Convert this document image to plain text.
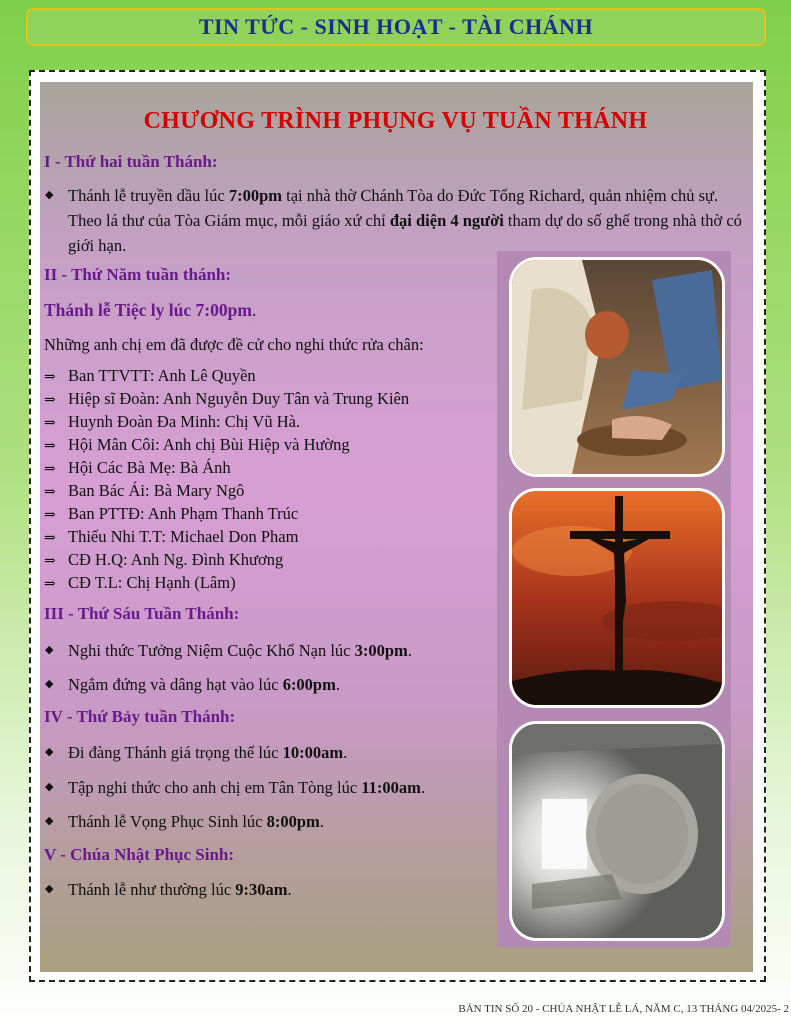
TIN TỨC - SINH HOẠT - TÀI CHÁNH
CHƯƠNG TRÌNH PHỤNG VỤ TUẦN THÁNH
I - Thứ hai tuần Thánh:
◆ Thánh lễ truyền dầu lúc 7:00pm tại nhà thờ Chánh Tòa do Đức Tổng Richard, quản nhiệm chủ sự. Theo lá thư của Tòa Giám mục, mỗi giáo xứ chỉ đại diện 4 người tham dự do số ghế trong nhà thờ có giới hạn.
II - Thứ Năm tuần thánh:
Thánh lễ Tiệc ly lúc 7:00pm.
Những anh chị em đã được đề cử cho nghi thức rửa chân:
⇒ Ban TTVTT: Anh Lê Quyền
⇒ Hiệp sĩ Đoàn: Anh Nguyễn Duy Tân và Trung Kiên
⇒ Huynh Đoàn Đa Minh: Chị Vũ Hà.
⇒ Hội Mân Côi: Anh chị Bùi Hiệp và Hường
⇒ Hội Các Bà Mẹ: Bà Ánh
⇒ Ban Bác Ái: Bà Mary Ngô
⇒ Ban PTTĐ: Anh Phạm Thanh Trúc
⇒ Thiếu Nhi T.T: Michael Don Pham
⇒ CĐ H.Q: Anh Ng. Đình Khương
⇒ CĐ T.L: Chị Hạnh (Lâm)
III - Thứ Sáu Tuần Thánh:
◆ Nghi thức Tưởng Niệm Cuộc Khổ Nạn lúc 3:00pm.
◆ Ngắm đứng và dâng hạt vào lúc 6:00pm.
IV - Thứ Bảy tuần Thánh:
◆ Đi đàng Thánh giá trọng thể lúc 10:00am.
◆ Tập nghi thức cho anh chị em Tân Tòng lúc 11:00am.
◆ Thánh lễ Vọng Phục Sinh lúc 8:00pm.
V - Chúa Nhật Phục Sinh:
◆ Thánh lễ như thường lúc 9:30am.
BẢN TIN SỐ 20 - CHÚA NHẬT LỄ LÁ, NĂM C, 13 THÁNG 04/2025- 2
